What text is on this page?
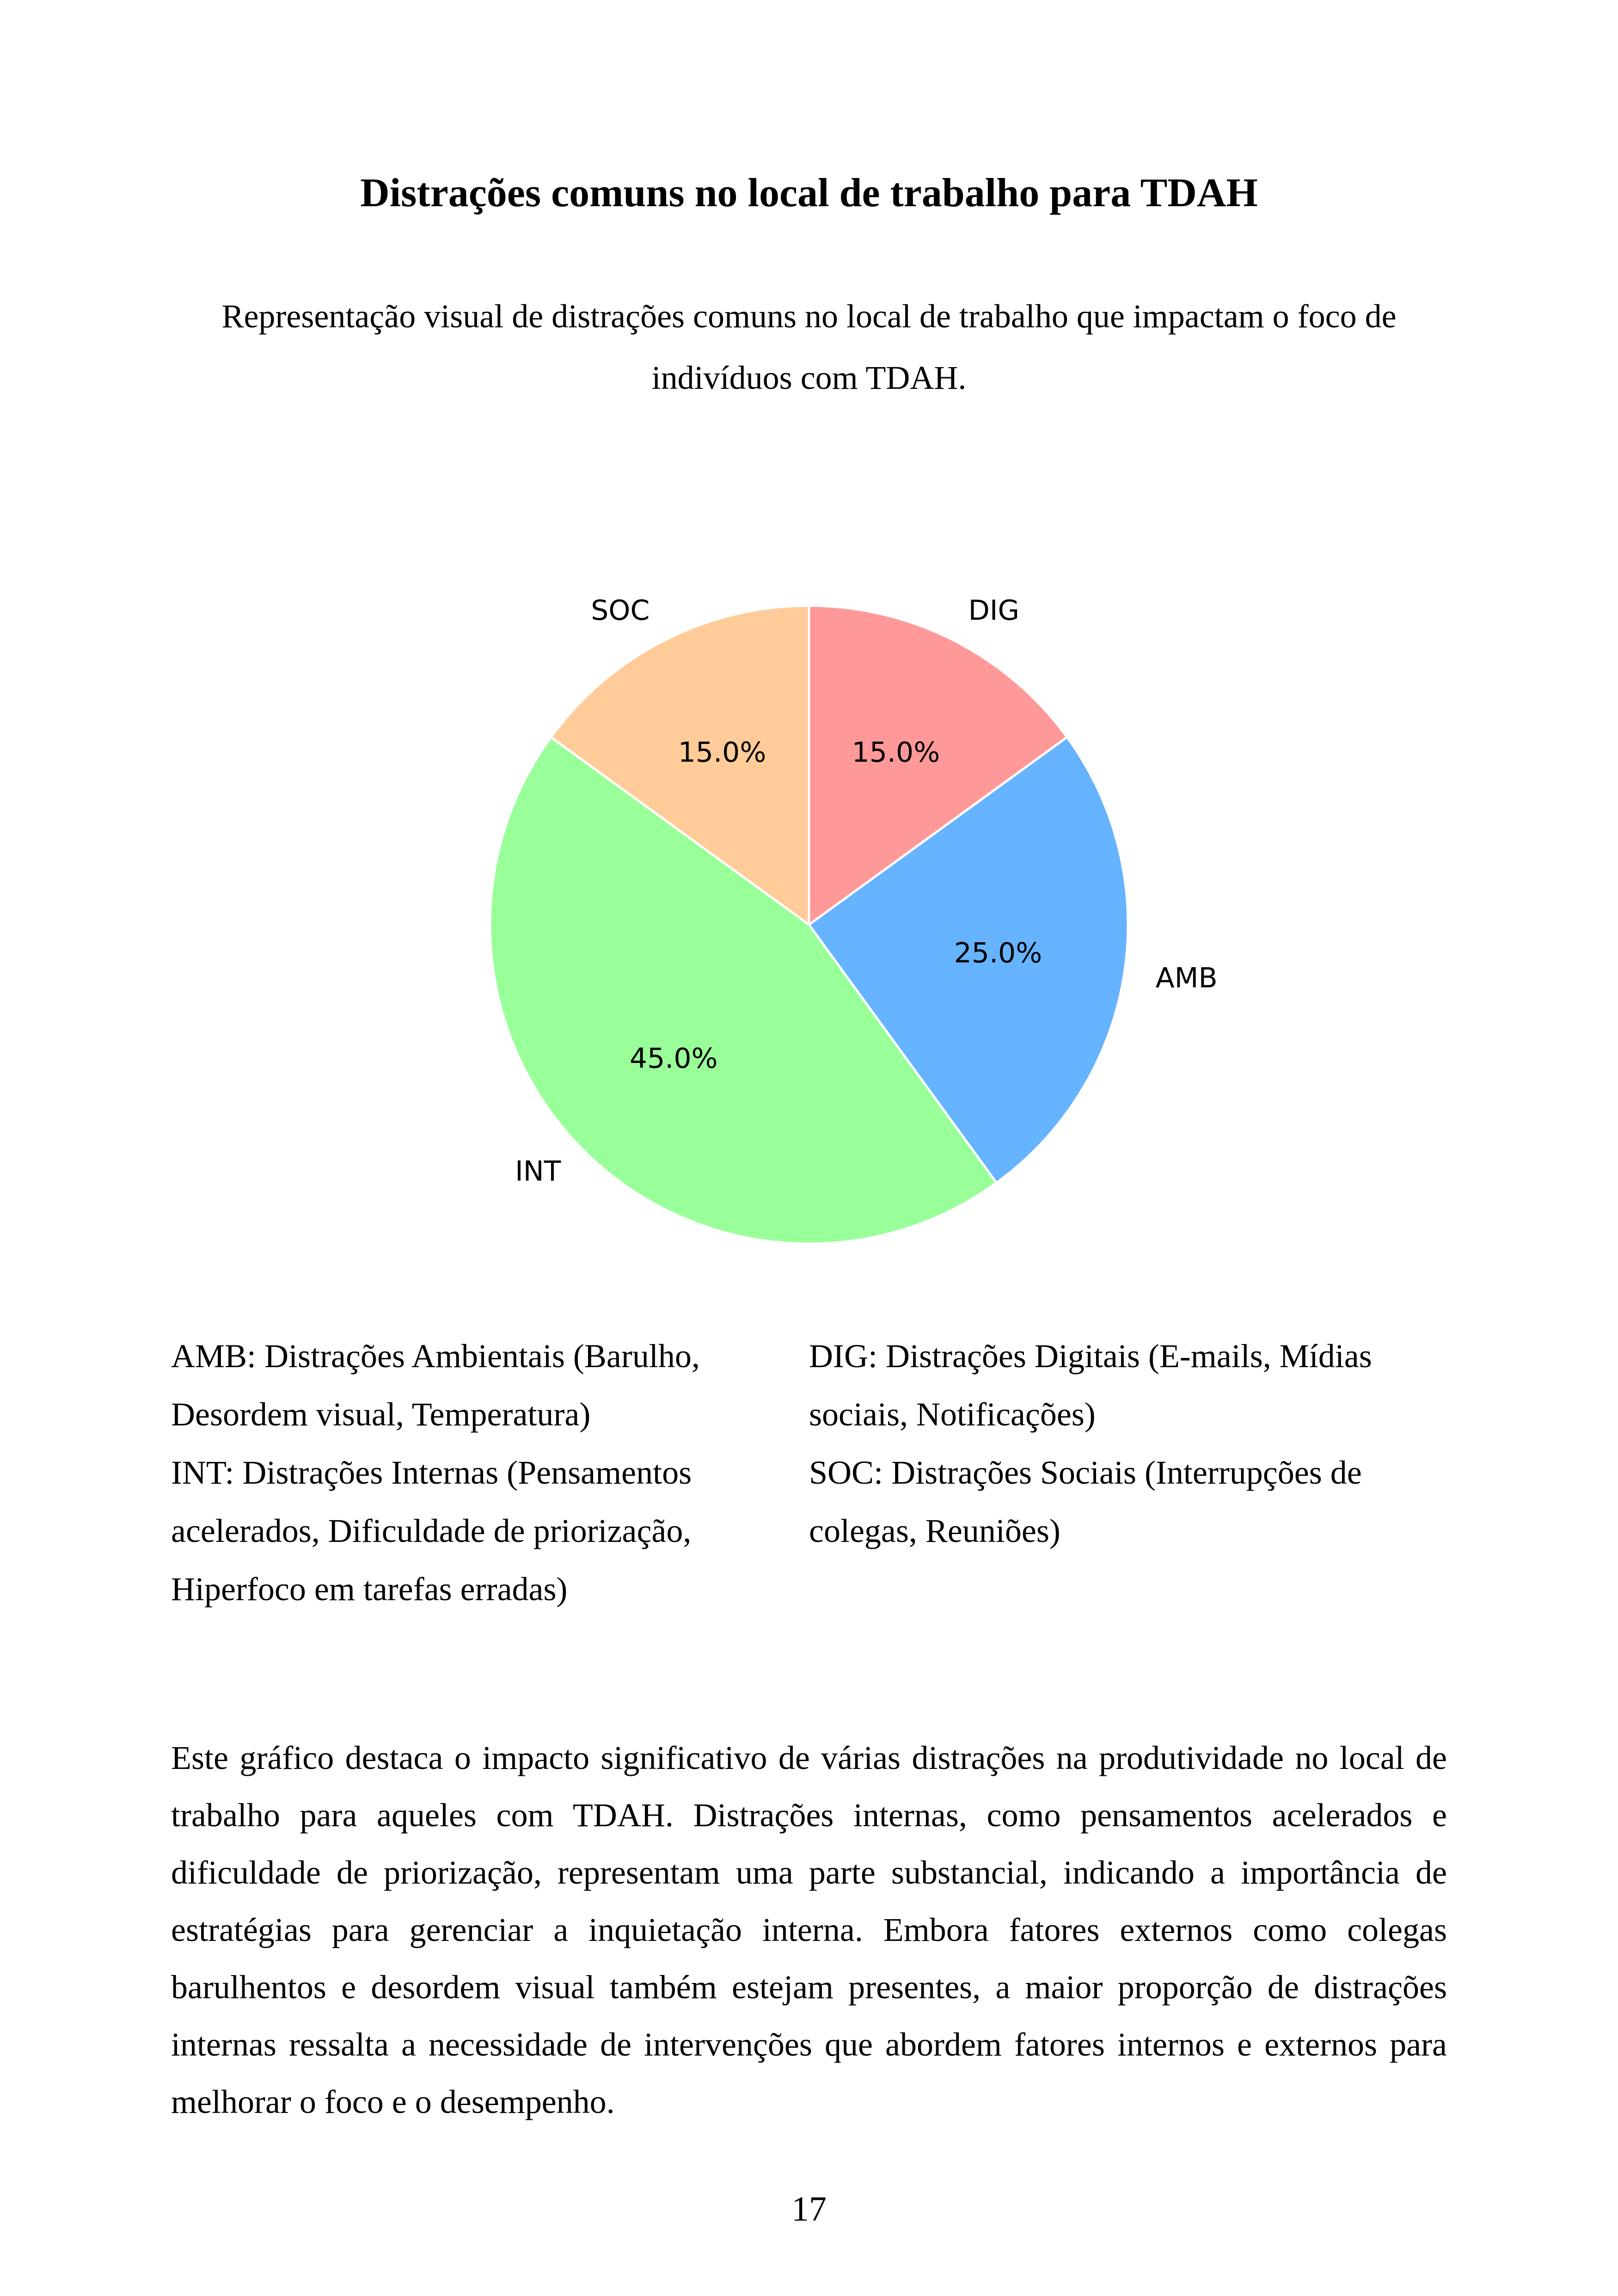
Distrações comuns no local de trabalho para TDAH
Representação visual de distrações comuns no local de trabalho que impactam o foco de indivíduos com TDAH.
15.0%
DIG
25.0%
AMB
45.0%
INT
15.0%
SOC
AMB: Distrações Ambientais (Barulho, Desordem visual, Temperatura)
DIG: Distrações Digitais (E-mails, Mídias sociais, Notificações)
INT: Distrações Internas (Pensamentos acelerados, Dificuldade de priorização, Hiperfoco em tarefas erradas)
SOC: Distrações Sociais (Interrupções de colegas, Reuniões)
Este gráfico destaca o impacto significativo de várias distrações na produtividade no local de trabalho para aqueles com TDAH. Distrações internas, como pensamentos acelerados e dificuldade de priorização, representam uma parte substancial, indicando a importância de estratégias para gerenciar a inquietação interna. Embora fatores externos como colegas barulhentos e desordem visual também estejam presentes, a maior proporção de distrações internas ressalta a necessidade de intervenções que abordem fatores internos e externos para melhorar o foco e o desempenho.
17
